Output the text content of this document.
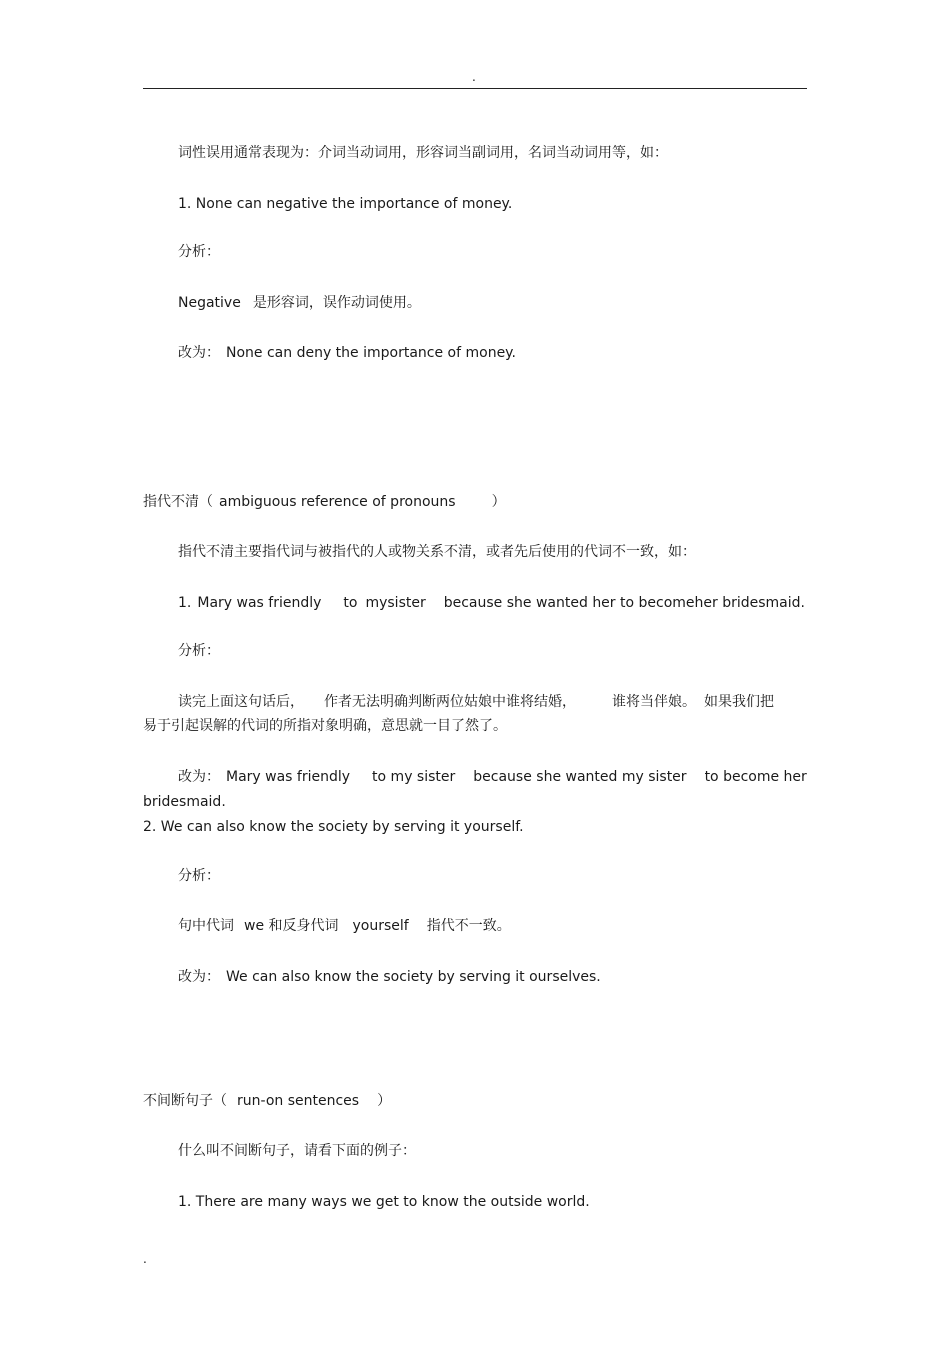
.
词性误用通常表现为：介词当动词用，形容词当副词用，名词当动词用等，如：
1. None can negative the importance of money.
分析：
Negative 是形容词，误作动词使用。
改为： None can deny the importance of money.
指代不清（ ambiguous reference of pronouns	）
指代不清主要指代词与被指代的人或物关系不清，或者先后使用的代词不一致，如：
1. Mary was friendly to mysister because she wanted her to becomeher bridesmaid.
分析：
读完上面这句话后， 作者无法明确判断两位姑娘中谁将结婚，	谁将当伴娘。 如果我们把
易于引起误解的代词的所指对象明确，意思就一目了然了。
改为： Mary was friendly to my sister because she wanted my sister to become her
bridesmaid.
2. We can also know the society by serving it yourself.
分析：
句中代词 we 和反身代词 yourself 指代不一致。
改为： We can also know the society by serving it ourselves.
不间断句子（ run-on sentences ）
什么叫不间断句子，请看下面的例子：
1. There are many ways we get to know the outside world.
.
